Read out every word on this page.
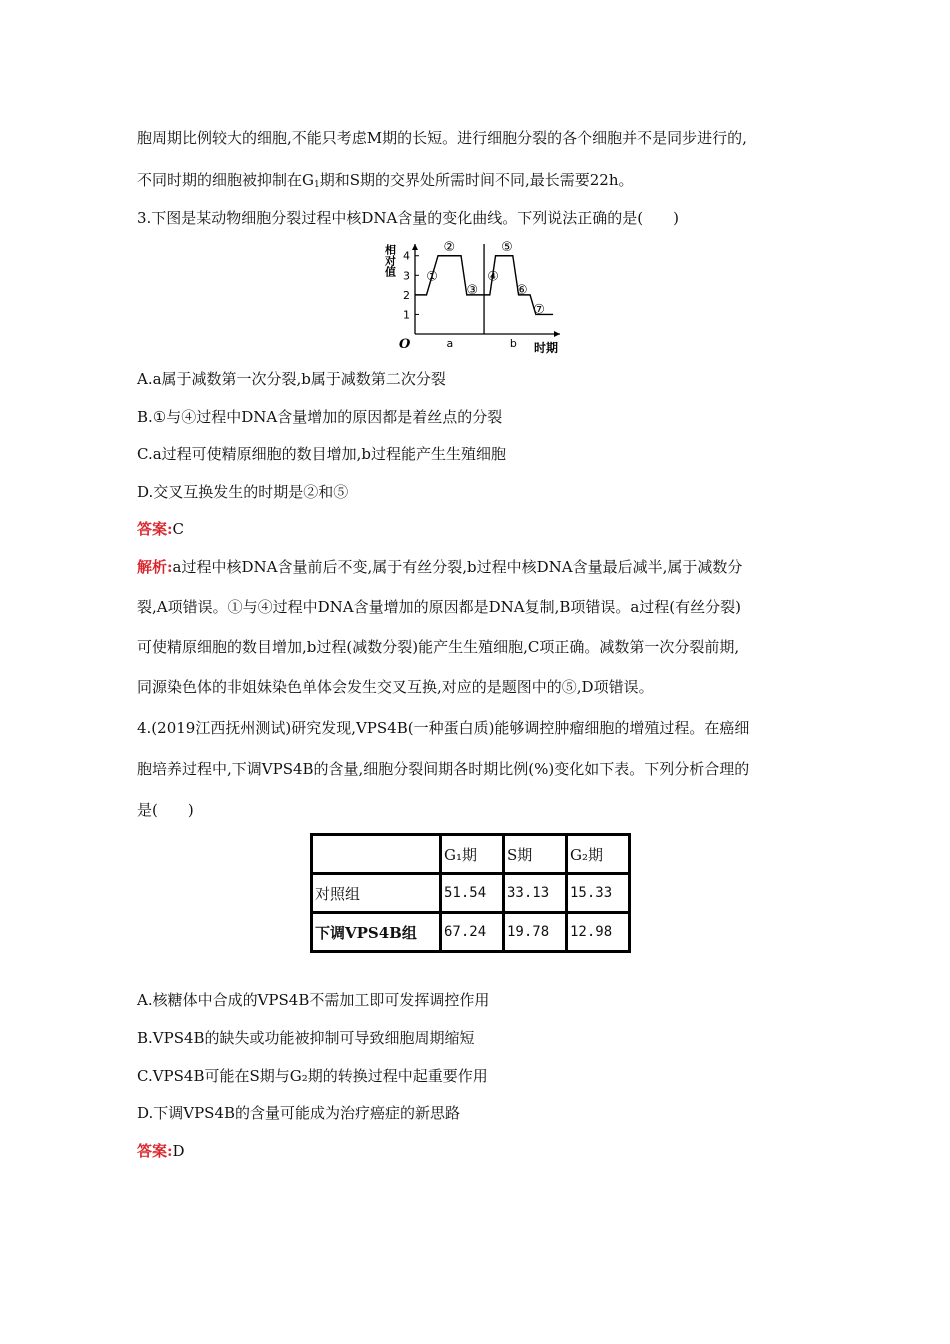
胞周期比例较大的细胞,不能只考虑M期的长短。进行细胞分裂的各个细胞并不是同步进行的,
不同时期的细胞被抑制在$G_1$期和S期的交界处所需时间不同,最长需要22h。
3.下图是某动物细胞分裂过程中核DNA含量的变化曲线。下列说法正确的是(　　)
1
2
3
4
相对值
O	时期
a	b
①
②
③
④
⑤
⑥
⑦
A.a属于减数第一次分裂,b属于减数第二次分裂
B.①与④过程中DNA含量增加的原因都是着丝点的分裂
C.a过程可使精原细胞的数目增加,b过程能产生生殖细胞
D.交叉互换发生的时期是②和⑤
答案:C
解析:a过程中核DNA含量前后不变,属于有丝分裂,b过程中核DNA含量最后减半,属于减数分
裂,A项错误。①与④过程中DNA含量增加的原因都是DNA复制,B项错误。a过程(有丝分裂)
可使精原细胞的数目增加,b过程(减数分裂)能产生生殖细胞,C项正确。减数第一次分裂前期,
同源染色体的非姐妹染色单体会发生交叉互换,对应的是题图中的⑤,D项错误。
4.(2019江西抚州测试)研究发现,VPS4B(一种蛋白质)能够调控肿瘤细胞的增殖过程。在癌细
胞培养过程中,下调VPS4B的含量,细胞分裂间期各时期比例(%)变化如下表。下列分析合理的
是(　　)
	G₁期	S期	G₂期
对照组	51.54	33.13	15.33
下调VPS4B组	67.24	19.78	12.98
A.核糖体中合成的VPS4B不需加工即可发挥调控作用
B.VPS4B的缺失或功能被抑制可导致细胞周期缩短
C.VPS4B可能在S期与G₂期的转换过程中起重要作用
D.下调VPS4B的含量可能成为治疗癌症的新思路
答案:D
